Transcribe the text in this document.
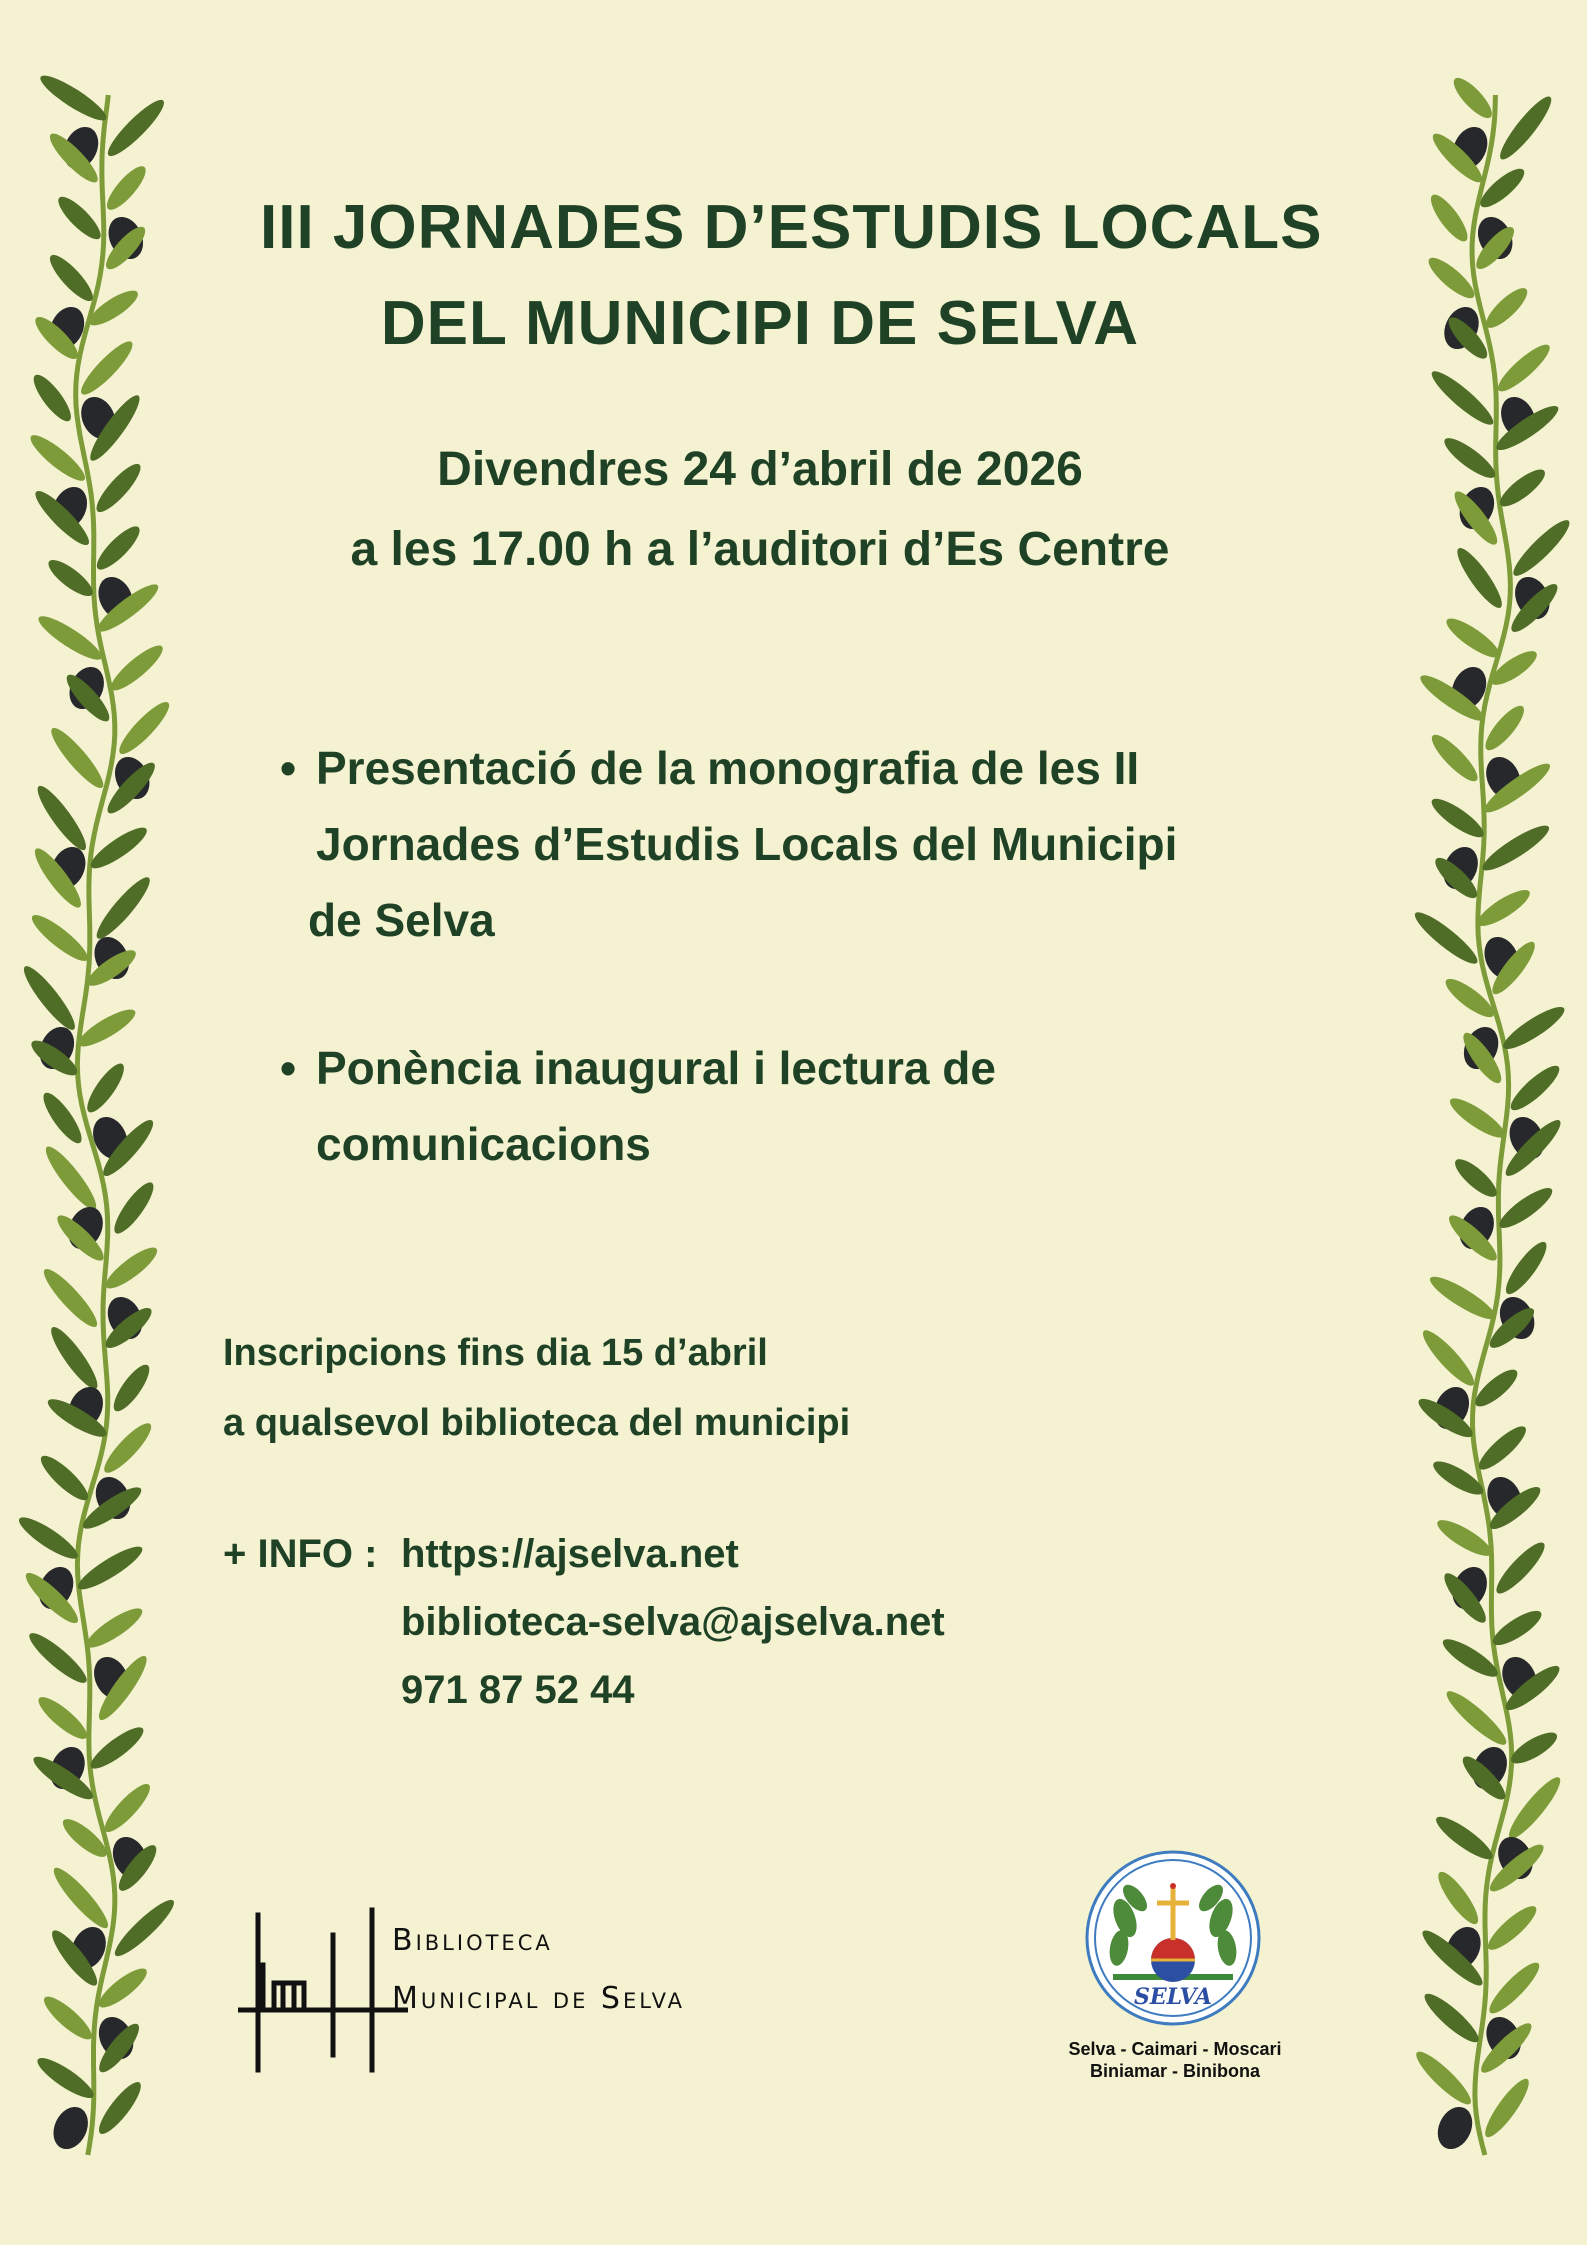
III JORNADES D’ESTUDIS LOCALS
DEL MUNICIPI DE SELVA
Divendres 24 d’abril de 2026
a les 17.00 h a l’auditori d’Es Centre
• Presentació de la monografia de les II
Jornades d’Estudis Locals del Municipi
de Selva
• Ponència inaugural i lectura de
comunicacions
Inscripcions fins dia 15 d’abril
a qualsevol biblioteca del municipi
+ INFO : https://ajselva.net
biblioteca-selva@ajselva.net
971 87 52 44
Biblioteca
Municipal de Selva	SELVA
Selva - Caimari - Moscari
Biniamar - Binibona
